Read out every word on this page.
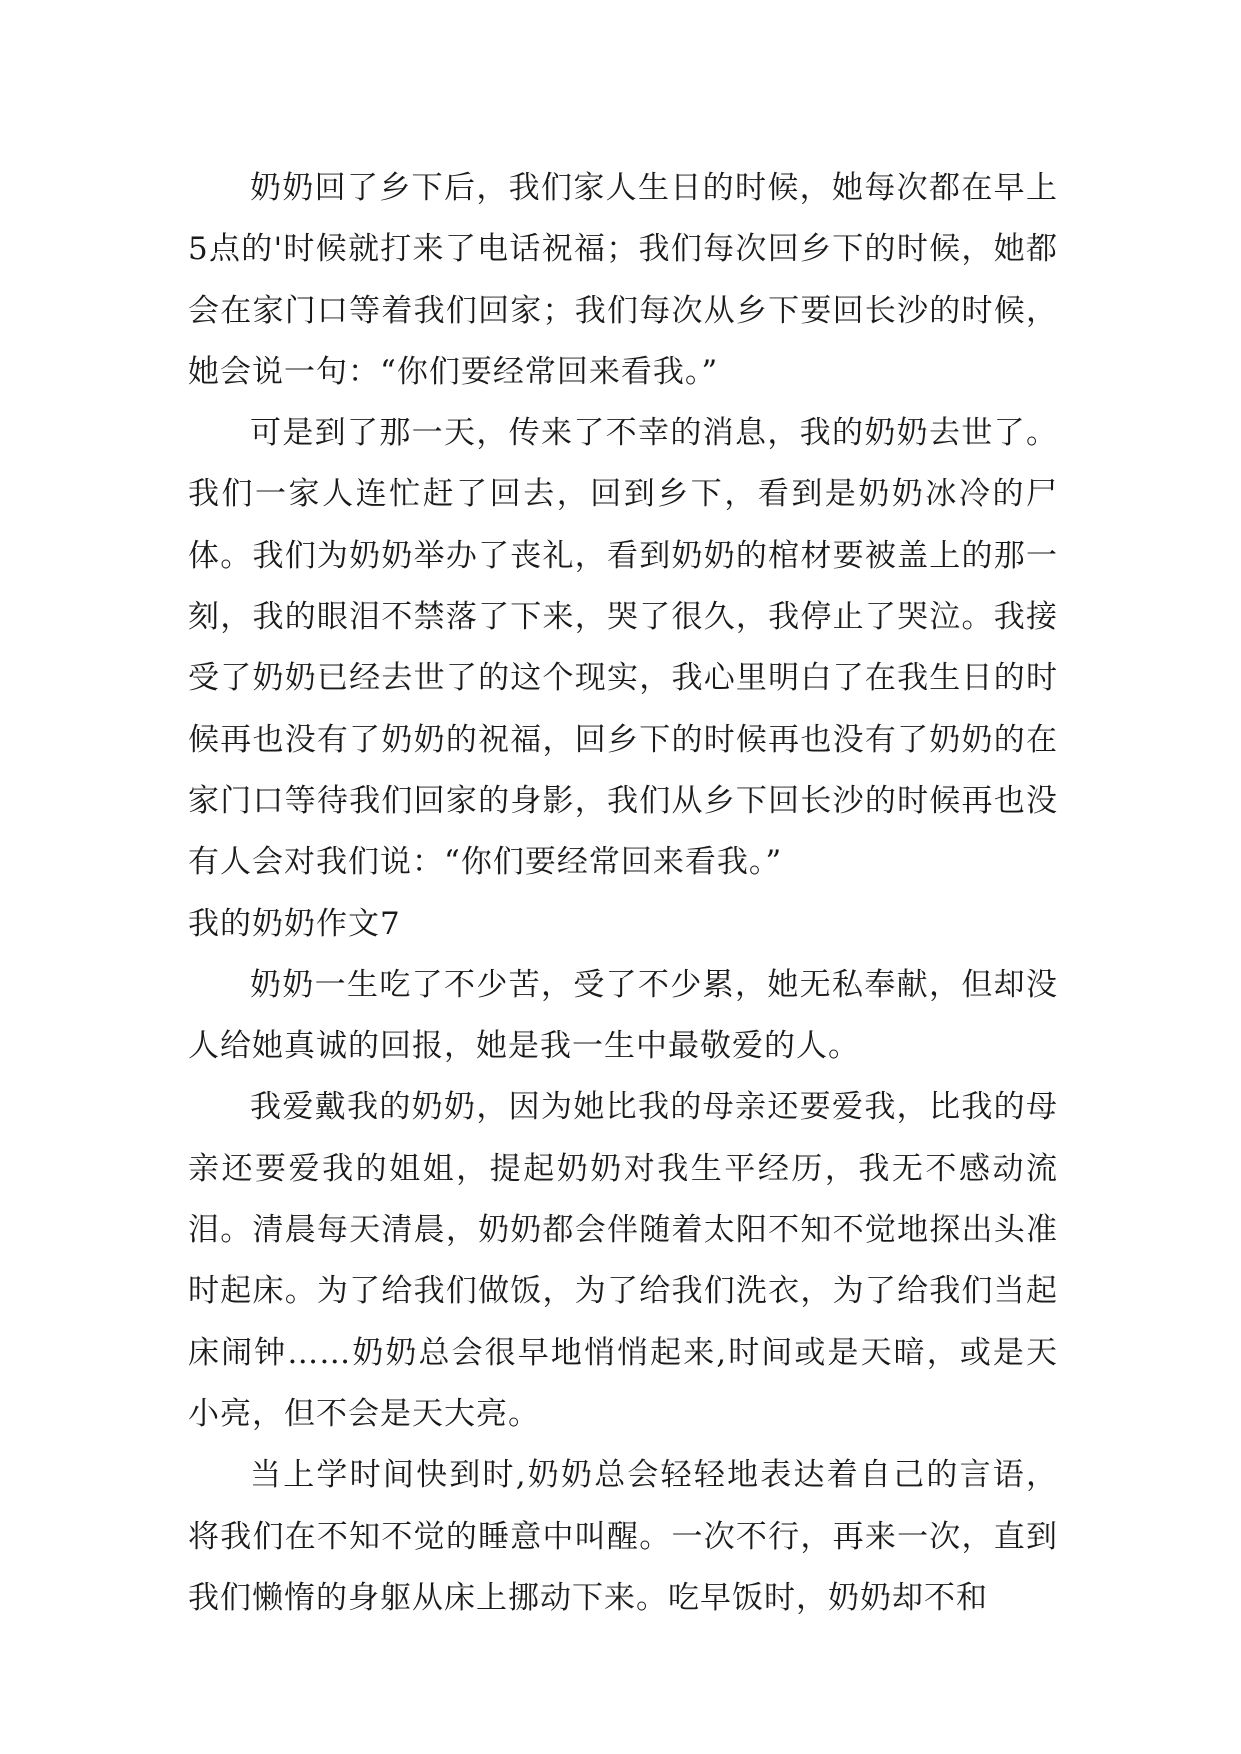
奶奶回了乡下后，我们家人生日的时候，她每次都在早上5点的'时候就打来了电话祝福；我们每次回乡下的时候，她都会在家门口等着我们回家；我们每次从乡下要回长沙的时候，她会说一句：“你们要经常回来看我。”

可是到了那一天，传来了不幸的消息，我的奶奶去世了。我们一家人连忙赶了回去，回到乡下，看到是奶奶冰冷的尸体。我们为奶奶举办了丧礼，看到奶奶的棺材要被盖上的那一刻，我的眼泪不禁落了下来，哭了很久，我停止了哭泣。我接受了奶奶已经去世了的这个现实，我心里明白了在我生日的时候再也没有了奶奶的祝福，回乡下的时候再也没有了奶奶的在家门口等待我们回家的身影，我们从乡下回长沙的时候再也没有人会对我们说：“你们要经常回来看我。”

我的奶奶作文7

奶奶一生吃了不少苦，受了不少累，她无私奉献，但却没人给她真诚的回报，她是我一生中最敬爱的人。

我爱戴我的奶奶，因为她比我的母亲还要爱我，比我的母亲还要爱我的姐姐，提起奶奶对我生平经历，我无不感动流泪。清晨每天清晨，奶奶都会伴随着太阳不知不觉地探出头准时起床。为了给我们做饭，为了给我们洗衣，为了给我们当起床闹钟……奶奶总会很早地悄悄起来,时间或是天暗，或是天小亮，但不会是天大亮。

当上学时间快到时,奶奶总会轻轻地表达着自己的言语，将我们在不知不觉的睡意中叫醒。一次不行，再来一次，直到我们懒惰的身躯从床上挪动下来。吃早饭时，奶奶却不和
